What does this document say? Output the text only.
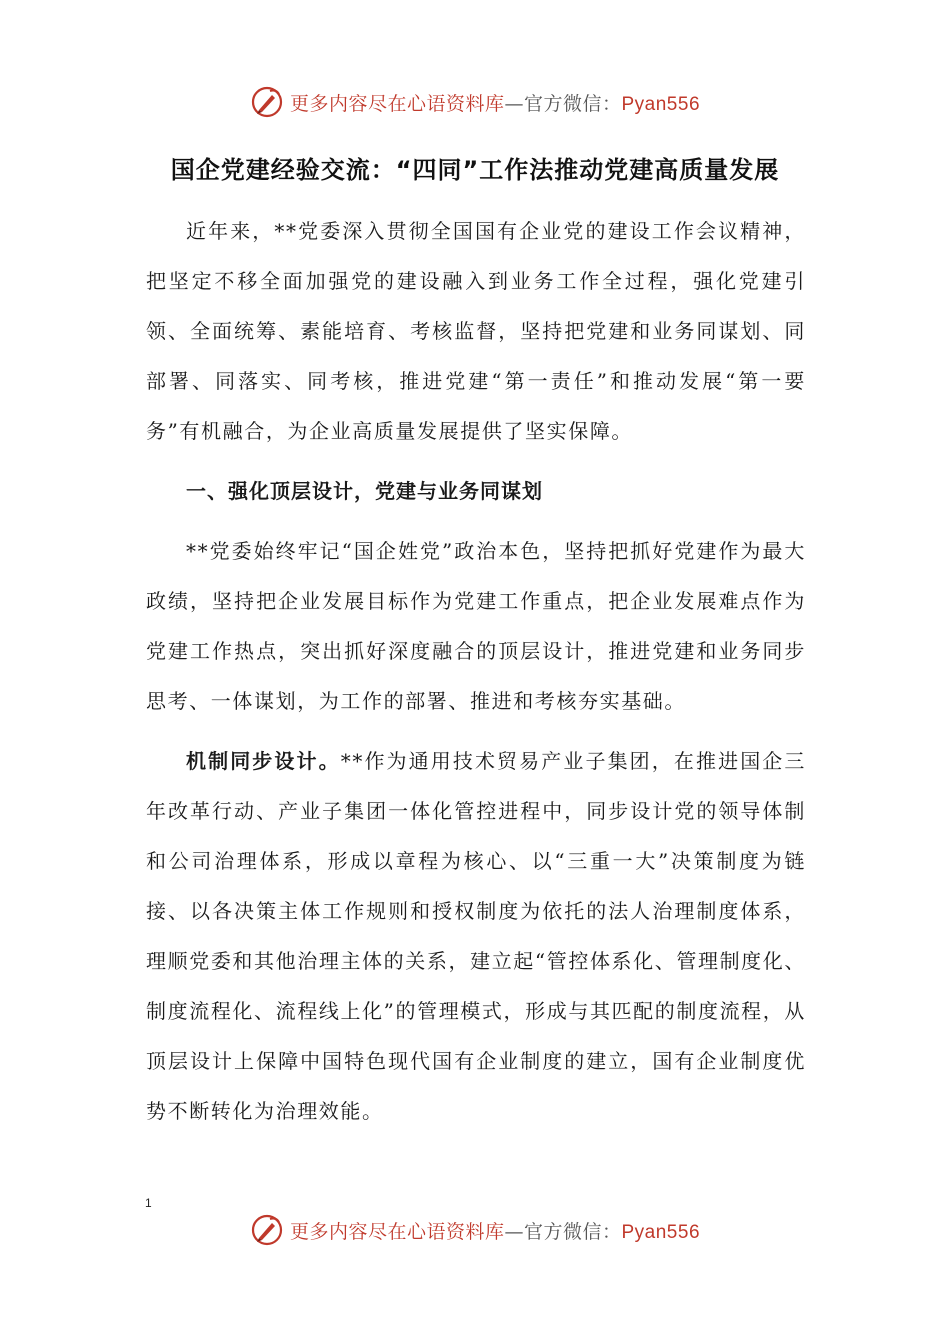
更多内容尽在心语资料库—官方微信：Pyan556
国企党建经验交流：“四同”工作法推动党建高质量发展

近年来，**党委深入贯彻全国国有企业党的建设工作会议精神，把坚定不移全面加强党的建设融入到业务工作全过程，强化党建引领、全面统筹、素能培育、考核监督，坚持把党建和业务同谋划、同部署、同落实、同考核，推进党建“第一责任”和推动发展“第一要务”有机融合，为企业高质量发展提供了坚实保障。

一、强化顶层设计，党建与业务同谋划

**党委始终牢记“国企姓党”政治本色，坚持把抓好党建作为最大政绩，坚持把企业发展目标作为党建工作重点，把企业发展难点作为党建工作热点，突出抓好深度融合的顶层设计，推进党建和业务同步思考、一体谋划，为工作的部署、推进和考核夯实基础。

机制同步设计。**作为通用技术贸易产业子集团，在推进国企三年改革行动、产业子集团一体化管控进程中，同步设计党的领导体制和公司治理体系，形成以章程为核心、以“三重一大”决策制度为链接、以各决策主体工作规则和授权制度为依托的法人治理制度体系，理顺党委和其他治理主体的关系，建立起“管控体系化、管理制度化、制度流程化、流程线上化”的管理模式，形成与其匹配的制度流程，从顶层设计上保障中国特色现代国有企业制度的建立，国有企业制度优势不断转化为治理效能。

1
更多内容尽在心语资料库—官方微信：Pyan556
